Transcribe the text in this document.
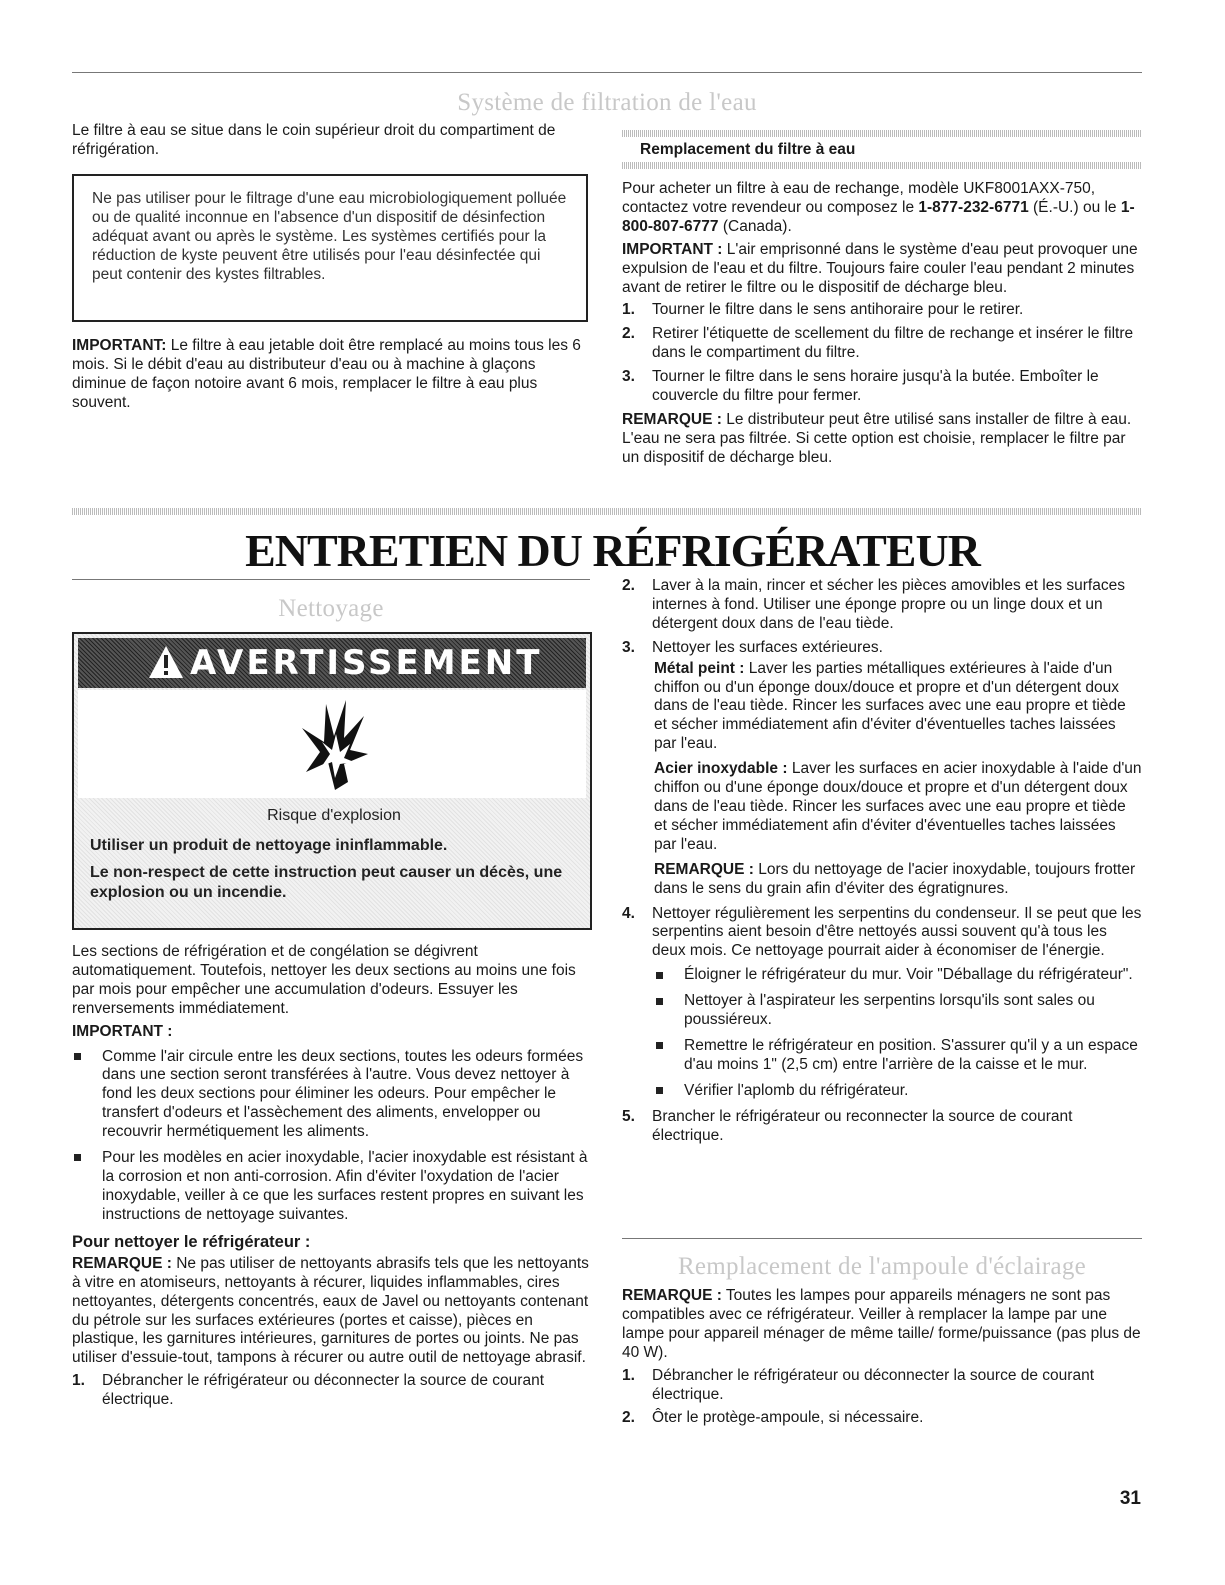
Système de filtration de l'eau

Le filtre à eau se situe dans le coin supérieur droit du compartiment de réfrigération.

Ne pas utiliser pour le filtrage d'une eau microbiologiquement polluée ou de qualité inconnue en l'absence d'un dispositif de désinfection adéquat avant ou après le système. Les systèmes certifiés pour la réduction de kyste peuvent être utilisés pour l'eau désinfectée qui peut contenir des kystes filtrables.

IMPORTANT: Le filtre à eau jetable doit être remplacé au moins tous les 6 mois. Si le débit d'eau au distributeur d'eau ou à machine à glaçons diminue de façon notoire avant 6 mois, remplacer le filtre à eau plus souvent.

Remplacement du filtre à eau

Pour acheter un filtre à eau de rechange, modèle UKF8001AXX-750, contactez votre revendeur ou composez le 1-877-232-6771 (É.-U.) ou le 1-800-807-6777 (Canada).

IMPORTANT : L'air emprisonné dans le système d'eau peut provoquer une expulsion de l'eau et du filtre. Toujours faire couler l'eau pendant 2 minutes avant de retirer le filtre ou le dispositif de décharge bleu.

1.	Tourner le filtre dans le sens antihoraire pour le retirer.
2.	Retirer l'étiquette de scellement du filtre de rechange et insérer le filtre dans le compartiment du filtre.
3.	Tourner le filtre dans le sens horaire jusqu'à la butée. Emboîter le couvercle du filtre pour fermer.

REMARQUE : Le distributeur peut être utilisé sans installer de filtre à eau. L'eau ne sera pas filtrée. Si cette option est choisie, remplacer le filtre par un dispositif de décharge bleu.

ENTRETIEN DU RÉFRIGÉRATEUR
Nettoyage
AVERTISSEMENT

Risque d'explosion

Utiliser un produit de nettoyage ininflammable.

Le non-respect de cette instruction peut causer un décès, une explosion ou un incendie.

Les sections de réfrigération et de congélation se dégivrent automatiquement. Toutefois, nettoyer les deux sections au moins une fois par mois pour empêcher une accumulation d'odeurs. Essuyer les renversements immédiatement.

IMPORTANT :

Comme l'air circule entre les deux sections, toutes les odeurs formées dans une section seront transférées à l'autre. Vous devez nettoyer à fond les deux sections pour éliminer les odeurs. Pour empêcher le transfert d'odeurs et l'assèchement des aliments, envelopper ou recouvrir hermétiquement les aliments.
Pour les modèles en acier inoxydable, l'acier inoxydable est résistant à la corrosion et non anti-corrosion. Afin d'éviter l'oxydation de l'acier inoxydable, veiller à ce que les surfaces restent propres en suivant les instructions de nettoyage suivantes.

Pour nettoyer le réfrigérateur :

REMARQUE : Ne pas utiliser de nettoyants abrasifs tels que les nettoyants à vitre en atomiseurs, nettoyants à récurer, liquides inflammables, cires nettoyantes, détergents concentrés, eaux de Javel ou nettoyants contenant du pétrole sur les surfaces extérieures (portes et caisse), pièces en plastique, les garnitures intérieures, garnitures de portes ou joints. Ne pas utiliser d'essuie-tout, tampons à récurer ou autre outil de nettoyage abrasif.

1.	Débrancher le réfrigérateur ou déconnecter la source de courant électrique.
2.	Laver à la main, rincer et sécher les pièces amovibles et les surfaces internes à fond. Utiliser une éponge propre ou un linge doux et un détergent doux dans de l'eau tiède.
3.	Nettoyer les surfaces extérieures.

Métal peint : Laver les parties métalliques extérieures à l'aide d'un chiffon ou d'un éponge doux/douce et propre et d'un détergent doux dans de l'eau tiède. Rincer les surfaces avec une eau propre et tiède et sécher immédiatement afin d'éviter d'éventuelles taches laissées par l'eau.

Acier inoxydable : Laver les surfaces en acier inoxydable à l'aide d'un chiffon ou d'une éponge doux/douce et propre et d'un détergent doux dans de l'eau tiède. Rincer les surfaces avec une eau propre et tiède et sécher immédiatement afin d'éviter d'éventuelles taches laissées par l'eau.

REMARQUE : Lors du nettoyage de l'acier inoxydable, toujours frotter dans le sens du grain afin d'éviter des égratignures.

4.	Nettoyer régulièrement les serpentins du condenseur. Il se peut que les serpentins aient besoin d'être nettoyés aussi souvent qu'à tous les deux mois. Ce nettoyage pourrait aider à économiser de l'énergie.
Éloigner le réfrigérateur du mur. Voir "Déballage du réfrigérateur".
Nettoyer à l'aspirateur les serpentins lorsqu'ils sont sales ou poussiéreux.
Remettre le réfrigérateur en position. S'assurer qu'il y a un espace d'au moins 1" (2,5 cm) entre l'arrière de la caisse et le mur.
Vérifier l'aplomb du réfrigérateur.
5.	Brancher le réfrigérateur ou reconnecter la source de courant électrique.
Remplacement de l'ampoule d'éclairage

REMARQUE : Toutes les lampes pour appareils ménagers ne sont pas compatibles avec ce réfrigérateur. Veiller à remplacer la lampe par une lampe pour appareil ménager de même taille/ forme/puissance (pas plus de 40 W).

1.	Débrancher le réfrigérateur ou déconnecter la source de courant électrique.
2.	Ôter le protège-ampoule, si nécessaire.
31
